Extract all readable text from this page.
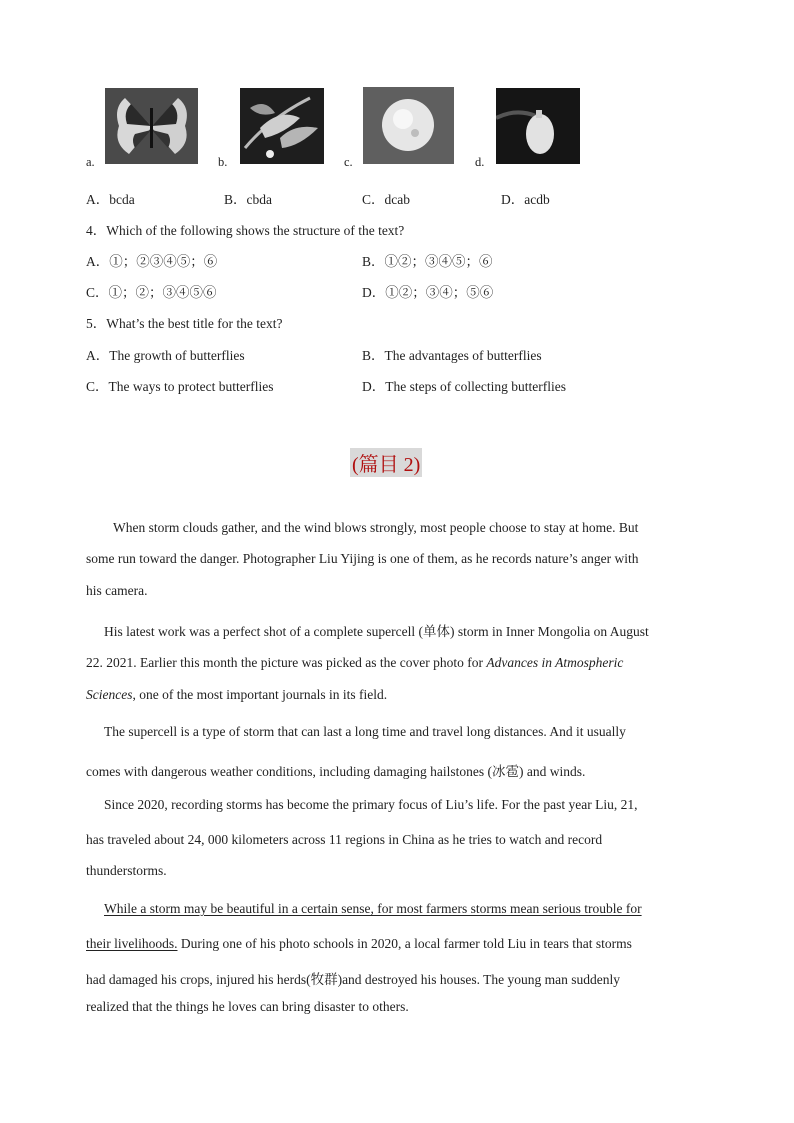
a.	b.	c.	d.
A．bcda	B．cbda	C．dcab	D．acdb
4．Which of the following shows the structure of the text?
A．①；②③④⑤；⑥	B．①②；③④⑤；⑥
C．①；②；③④⑤⑥	D．①②；③④；⑤⑥
5．What’s the best title for the text?
A．The growth of butterflies	B．The advantages of butterflies
C．The ways to protect butterflies	D．The steps of collecting butterflies
(篇目 2)
When storm clouds gather, and the wind blows strongly, most people choose to stay at home. But
some run toward the danger. Photographer Liu Yijing is one of them, as he records nature’s anger with
his camera.
His latest work was a perfect shot of a complete supercell (单体) storm in Inner Mongolia on August
22. 2021. Earlier this month the picture was picked as the cover photo for Advances in Atmospheric
Sciences, one of the most important journals in its field.
The supercell is a type of storm that can last a long time and travel long distances. And it usually
comes with dangerous weather conditions, including damaging hailstones (冰雹) and winds.
Since 2020, recording storms has become the primary focus of Liu’s life. For the past year Liu, 21,
has traveled about 24, 000 kilometers across 11 regions in China as he tries to watch and record
thunderstorms.
While a storm may be beautiful in a certain sense, for most farmers storms mean serious trouble for
their livelihoods. During one of his photo schools in 2020, a local farmer told Liu in tears that storms
had damaged his crops, injured his herds(牧群)and destroyed his houses. The young man suddenly
realized that the things he loves can bring disaster to others.
